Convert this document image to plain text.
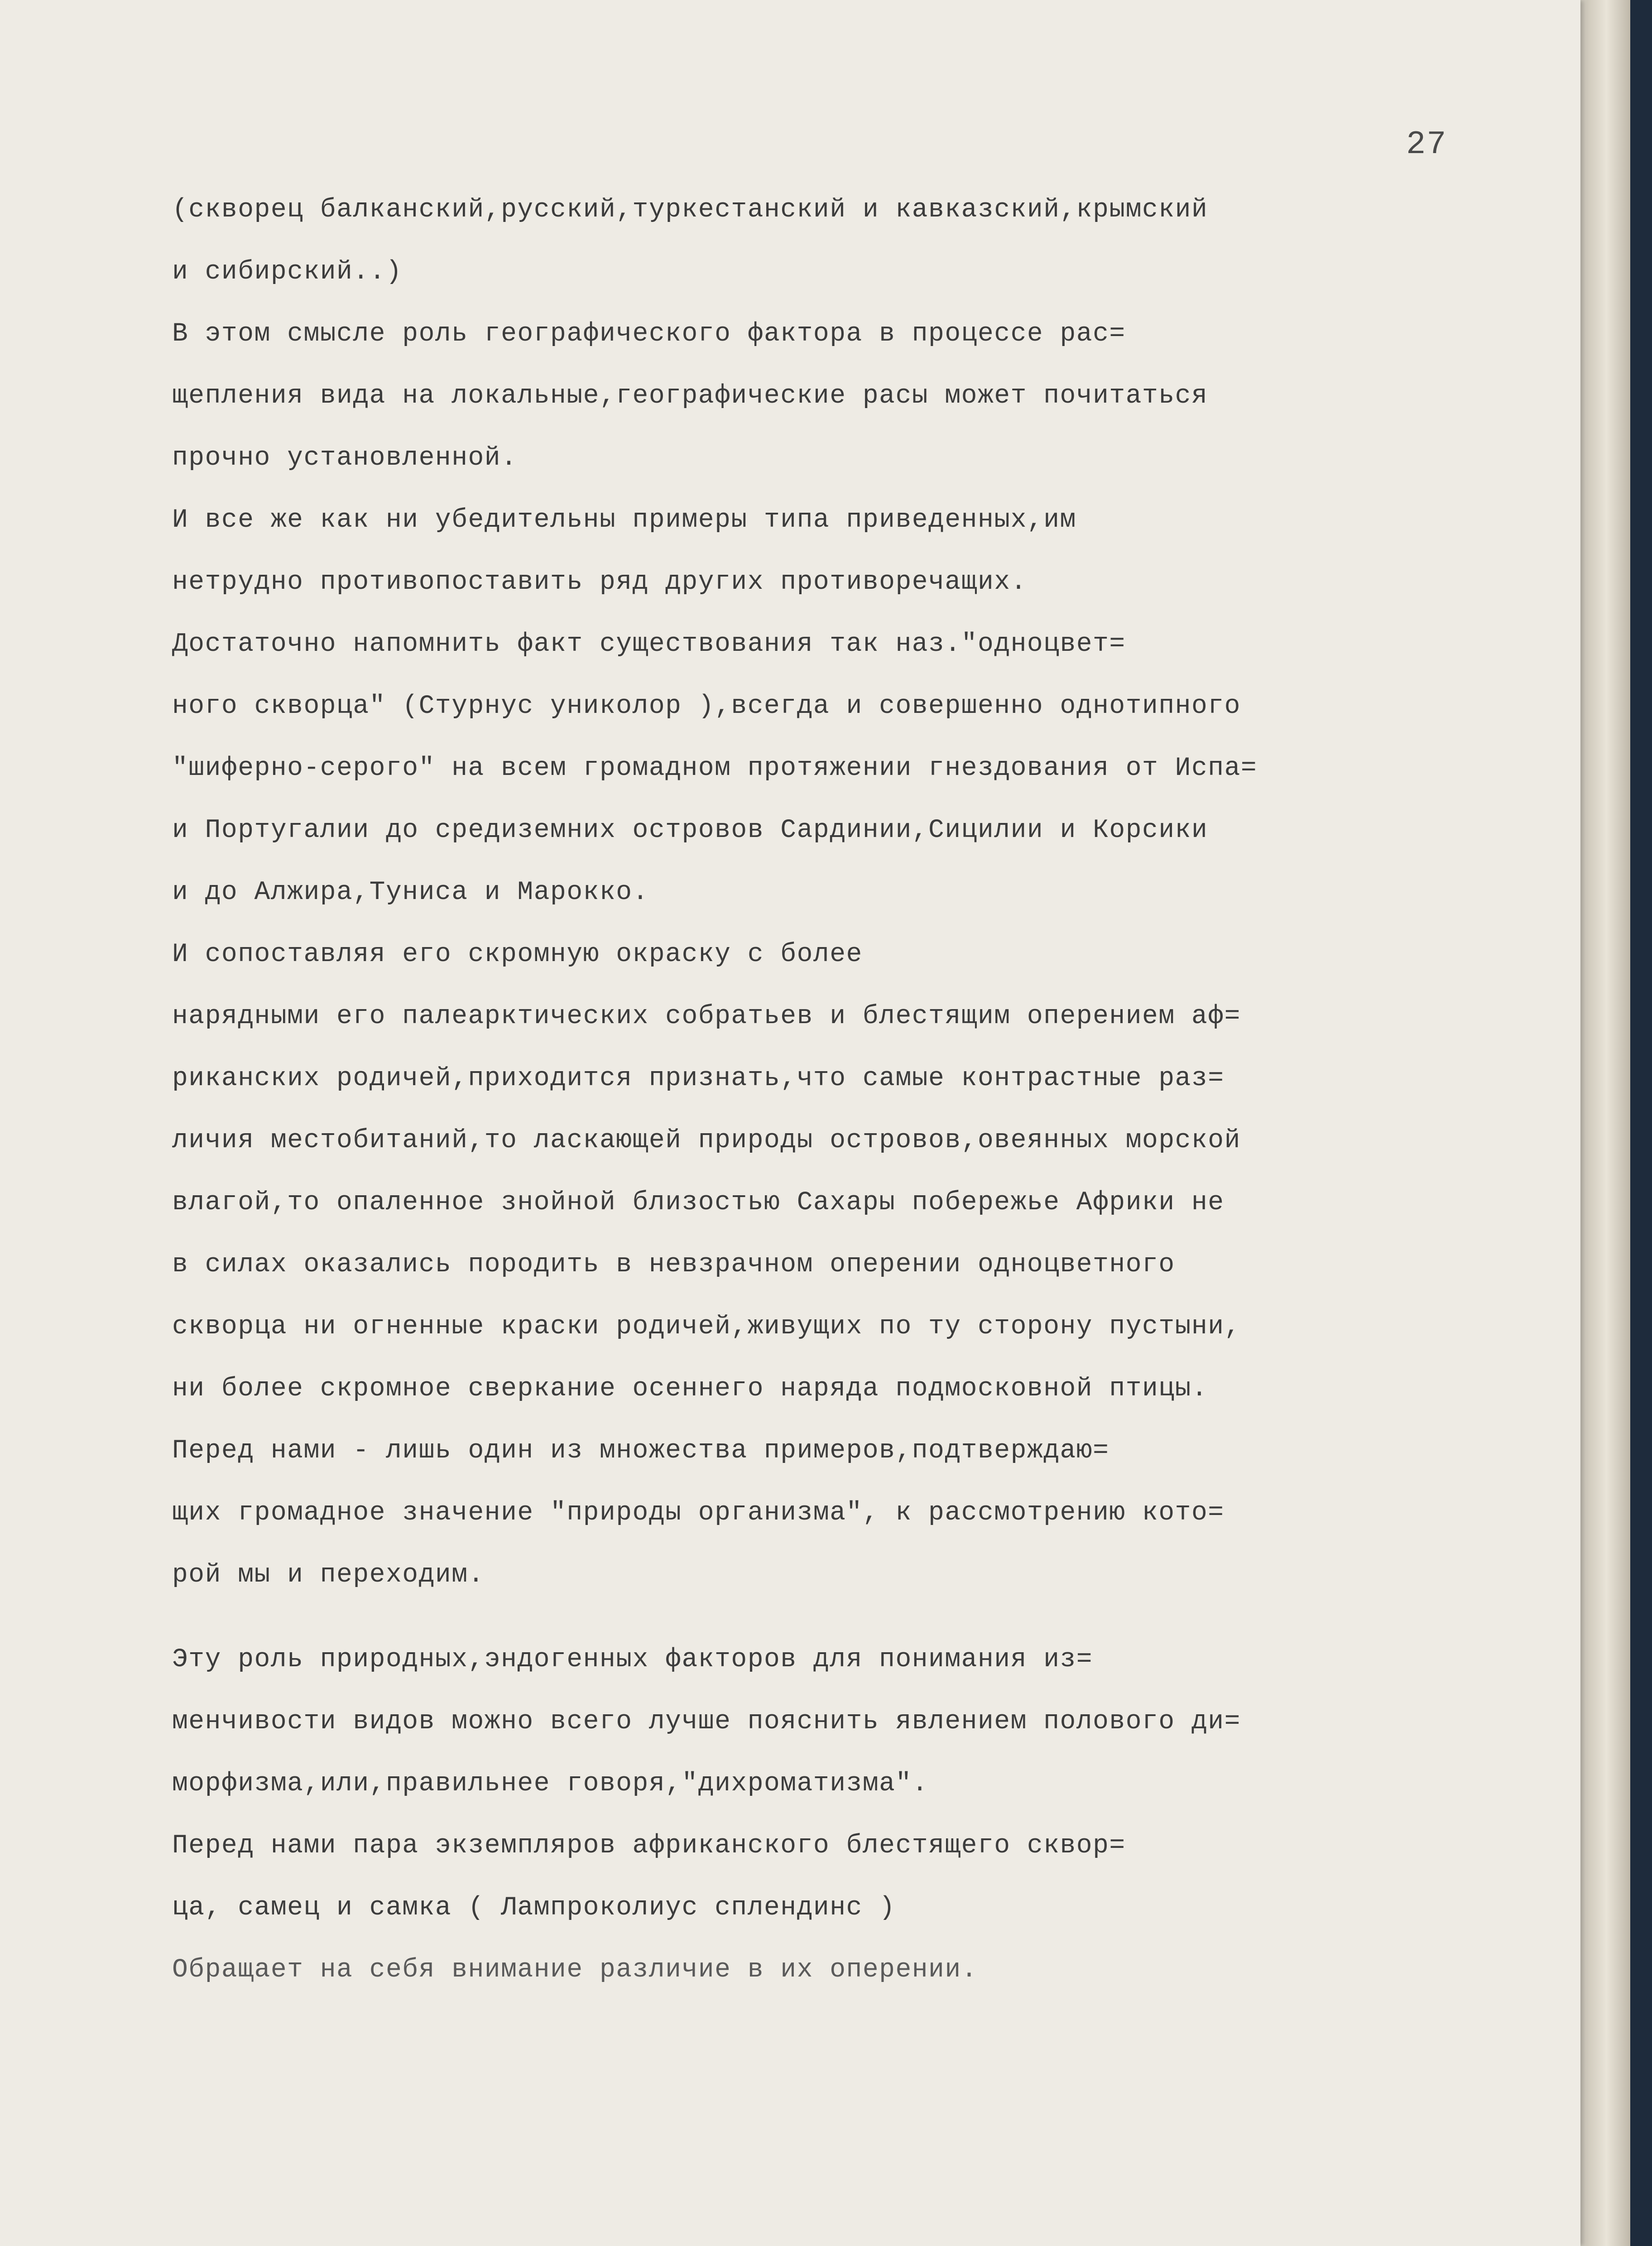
27
(скворец балканский,русский,туркестанский и кавказский,крымский
и сибирский..)
В этом смысле роль географического фактора в процессе рас=
щепления вида на локальные,географические расы может почитаться
прочно установленной.
И все же как ни убедительны примеры типа приведенных,им
нетрудно противопоставить ряд других противоречащих.
Достаточно напомнить факт существования так наз."одноцвет=
ного скворца" (Стурнус униколор ),всегда и совершенно однотипного
"шиферно-серого" на всем громадном протяжении гнездования от Испа=
и Португалии до средиземних островов Сардинии,Сицилии и Корсики
и до Алжира,Туниса и Марокко.
И сопоставляя его скромную окраску с более
нарядными его палеарктических собратьев и блестящим оперением аф=
риканских родичей,приходится признать,что самые контрастные раз=
личия местобитаний,то ласкающей природы островов,овеянных морской
влагой,то опаленное знойной близостью Сахары побережье Африки не
в силах оказались породить в невзрачном оперении одноцветного
скворца ни огненные краски родичей,живущих по ту сторону пустыни,
ни более скромное сверкание осеннего наряда подмосковной птицы.
Перед нами - лишь один из множества примеров,подтверждаю=
щих громадное значение "природы организма", к рассмотрению кото=
рой мы и переходим.
Эту роль природных,эндогенных факторов для понимания из=
менчивости видов можно всего лучше пояснить явлением полового ди=
морфизма,или,правильнее говоря,"дихроматизма".
Перед нами пара экземпляров африканского блестящего сквор=
ца, самец и самка ( Лампроколиус сплендинс )
Обращает на себя внимание различие в их оперении.
